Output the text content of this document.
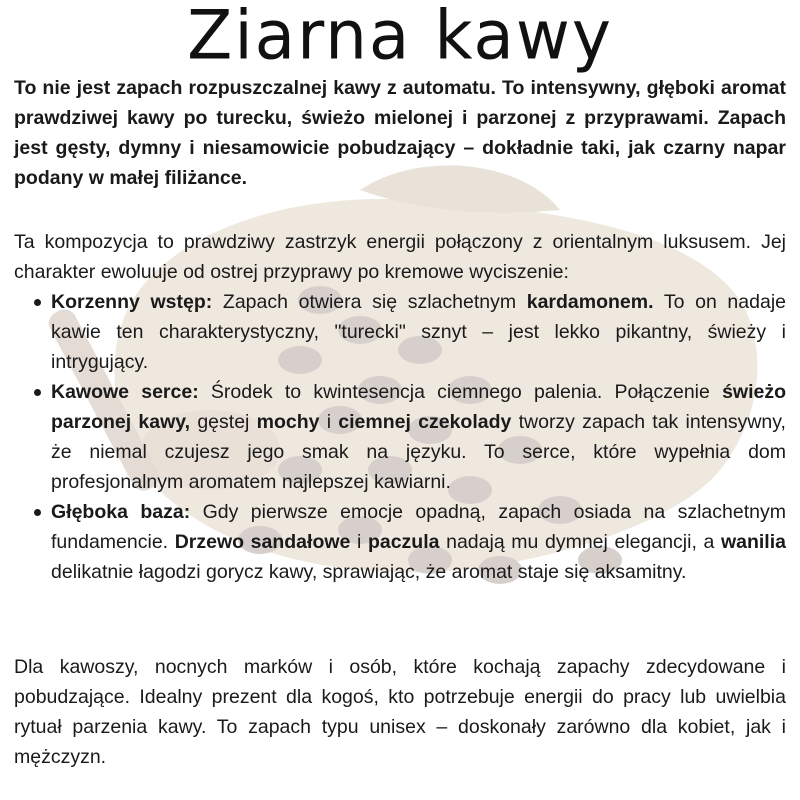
Ziarna kawy

To nie jest zapach rozpuszczalnej kawy z automatu. To intensywny, głęboki aromat prawdziwej kawy po turecku, świeżo mielonej i parzonej z przyprawami. Zapach jest gęsty, dymny i niesamowicie pobudzający – dokładnie taki, jak czarny napar podany w małej filiżance.

Ta kompozycja to prawdziwy zastrzyk energii połączony z orientalnym luksusem. Jej charakter ewoluuje od ostrej przyprawy po kremowe wyciszenie:

Korzenny wstęp: Zapach otwiera się szlachetnym kardamonem. To on nadaje kawie ten charakterystyczny, "turecki" sznyt – jest lekko pikantny, świeży i intrygujący.
Kawowe serce: Środek to kwintesencja ciemnego palenia. Połączenie świeżo parzonej kawy, gęstej mochy i ciemnej czekolady tworzy zapach tak intensywny, że niemal czujesz jego smak na języku. To serce, które wypełnia dom profesjonalnym aromatem najlepszej kawiarni.
Głęboka baza: Gdy pierwsze emocje opadną, zapach osiada na szlachetnym fundamencie. Drzewo sandałowe i paczula nadają mu dymnej elegancji, a wanilia delikatnie łagodzi gorycz kawy, sprawiając, że aromat staje się aksamitny.

Dla kawoszy, nocnych marków i osób, które kochają zapachy zdecydowane i pobudzające. Idealny prezent dla kogoś, kto potrzebuje energii do pracy lub uwielbia rytuał parzenia kawy. To zapach typu unisex – doskonały zarówno dla kobiet, jak i mężczyzn.
